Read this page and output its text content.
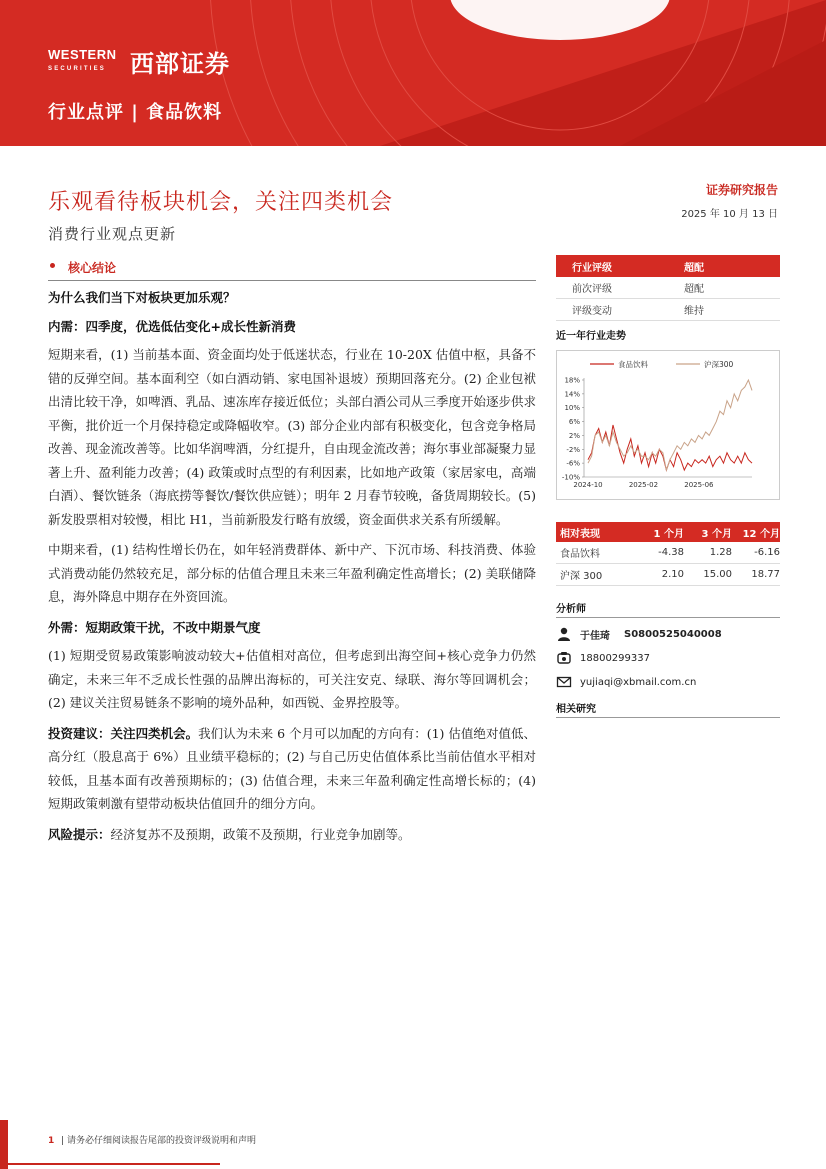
WESTERN
SECURITIES 西部证券
行业点评 | 食品饮料
乐观看待板块机会，关注四类机会
消费行业观点更新
证券研究报告
2025 年 10 月 13 日
核心结论

为什么我们当下对板块更加乐观？

内需：四季度，优选低估变化+成长性新消费

短期来看，(1) 当前基本面、资金面均处于低迷状态，行业在 10-20X 估值中枢，具备不错的反弹空间。基本面利空（如白酒动销、家电国补退坡）预期回落充分。(2) 企业包袱出清比较干净，如啤酒、乳品、速冻库存接近低位；头部白酒公司从三季度开始逐步供求平衡，批价近一个月保持稳定或降幅收窄。(3) 部分企业内部有积极变化，包含竞争格局改善、现金流改善等。比如华润啤酒，分红提升，自由现金流改善；海尔事业部凝聚力显著上升、盈利能力改善；(4) 政策或时点型的有利因素，比如地产政策（家居家电，高端白酒）、餐饮链条（海底捞等餐饮/餐饮供应链）；明年 2 月春节较晚，备货周期较长。(5) 新发股票相对较慢，相比 H1，当前新股发行略有放缓，资金面供求关系有所缓解。

中期来看，(1) 结构性增长仍在，如年轻消费群体、新中产、下沉市场、科技消费、体验式消费动能仍然较充足，部分标的估值合理且未来三年盈利确定性高增长；(2) 美联储降息，海外降息中期存在外资回流。

外需：短期政策干扰，不改中期景气度

(1) 短期受贸易政策影响波动较大+估值相对高位，但考虑到出海空间+核心竞争力仍然确定，未来三年不乏成长性强的品牌出海标的，可关注安克、绿联、海尔等回调机会；(2) 建议关注贸易链条不影响的境外品种，如西锐、金界控股等。

投资建议：关注四类机会。我们认为未来 6 个月可以加配的方向有：(1) 估值绝对值低、高分红（股息高于 6%）且业绩平稳标的；(2) 与自己历史估值体系比当前估值水平相对较低，且基本面有改善预期标的；(3) 估值合理，未来三年盈利确定性高增长标的；(4) 短期政策刺激有望带动板块估值回升的细分方向。

风险提示：经济复苏不及预期，政策不及预期，行业竞争加剧等。

行业评级	超配
前次评级	超配
评级变动	维持
近一年行业走势
食品饮料	沪深300
18%
14%
10%
6%
2%
-2%
-6%
-10%
2024-10	2025-02	2025-06
相对表现	1 个月	3 个月	12 个月
食品饮料	-4.38	1.28	-6.16
沪深 300	2.10	15.00	18.77
分析师
于佳琦 S0800525040008
18800299337
yujiaqi@xbmail.com.cn
相关研究
1 | 请务必仔细阅读报告尾部的投资评级说明和声明
